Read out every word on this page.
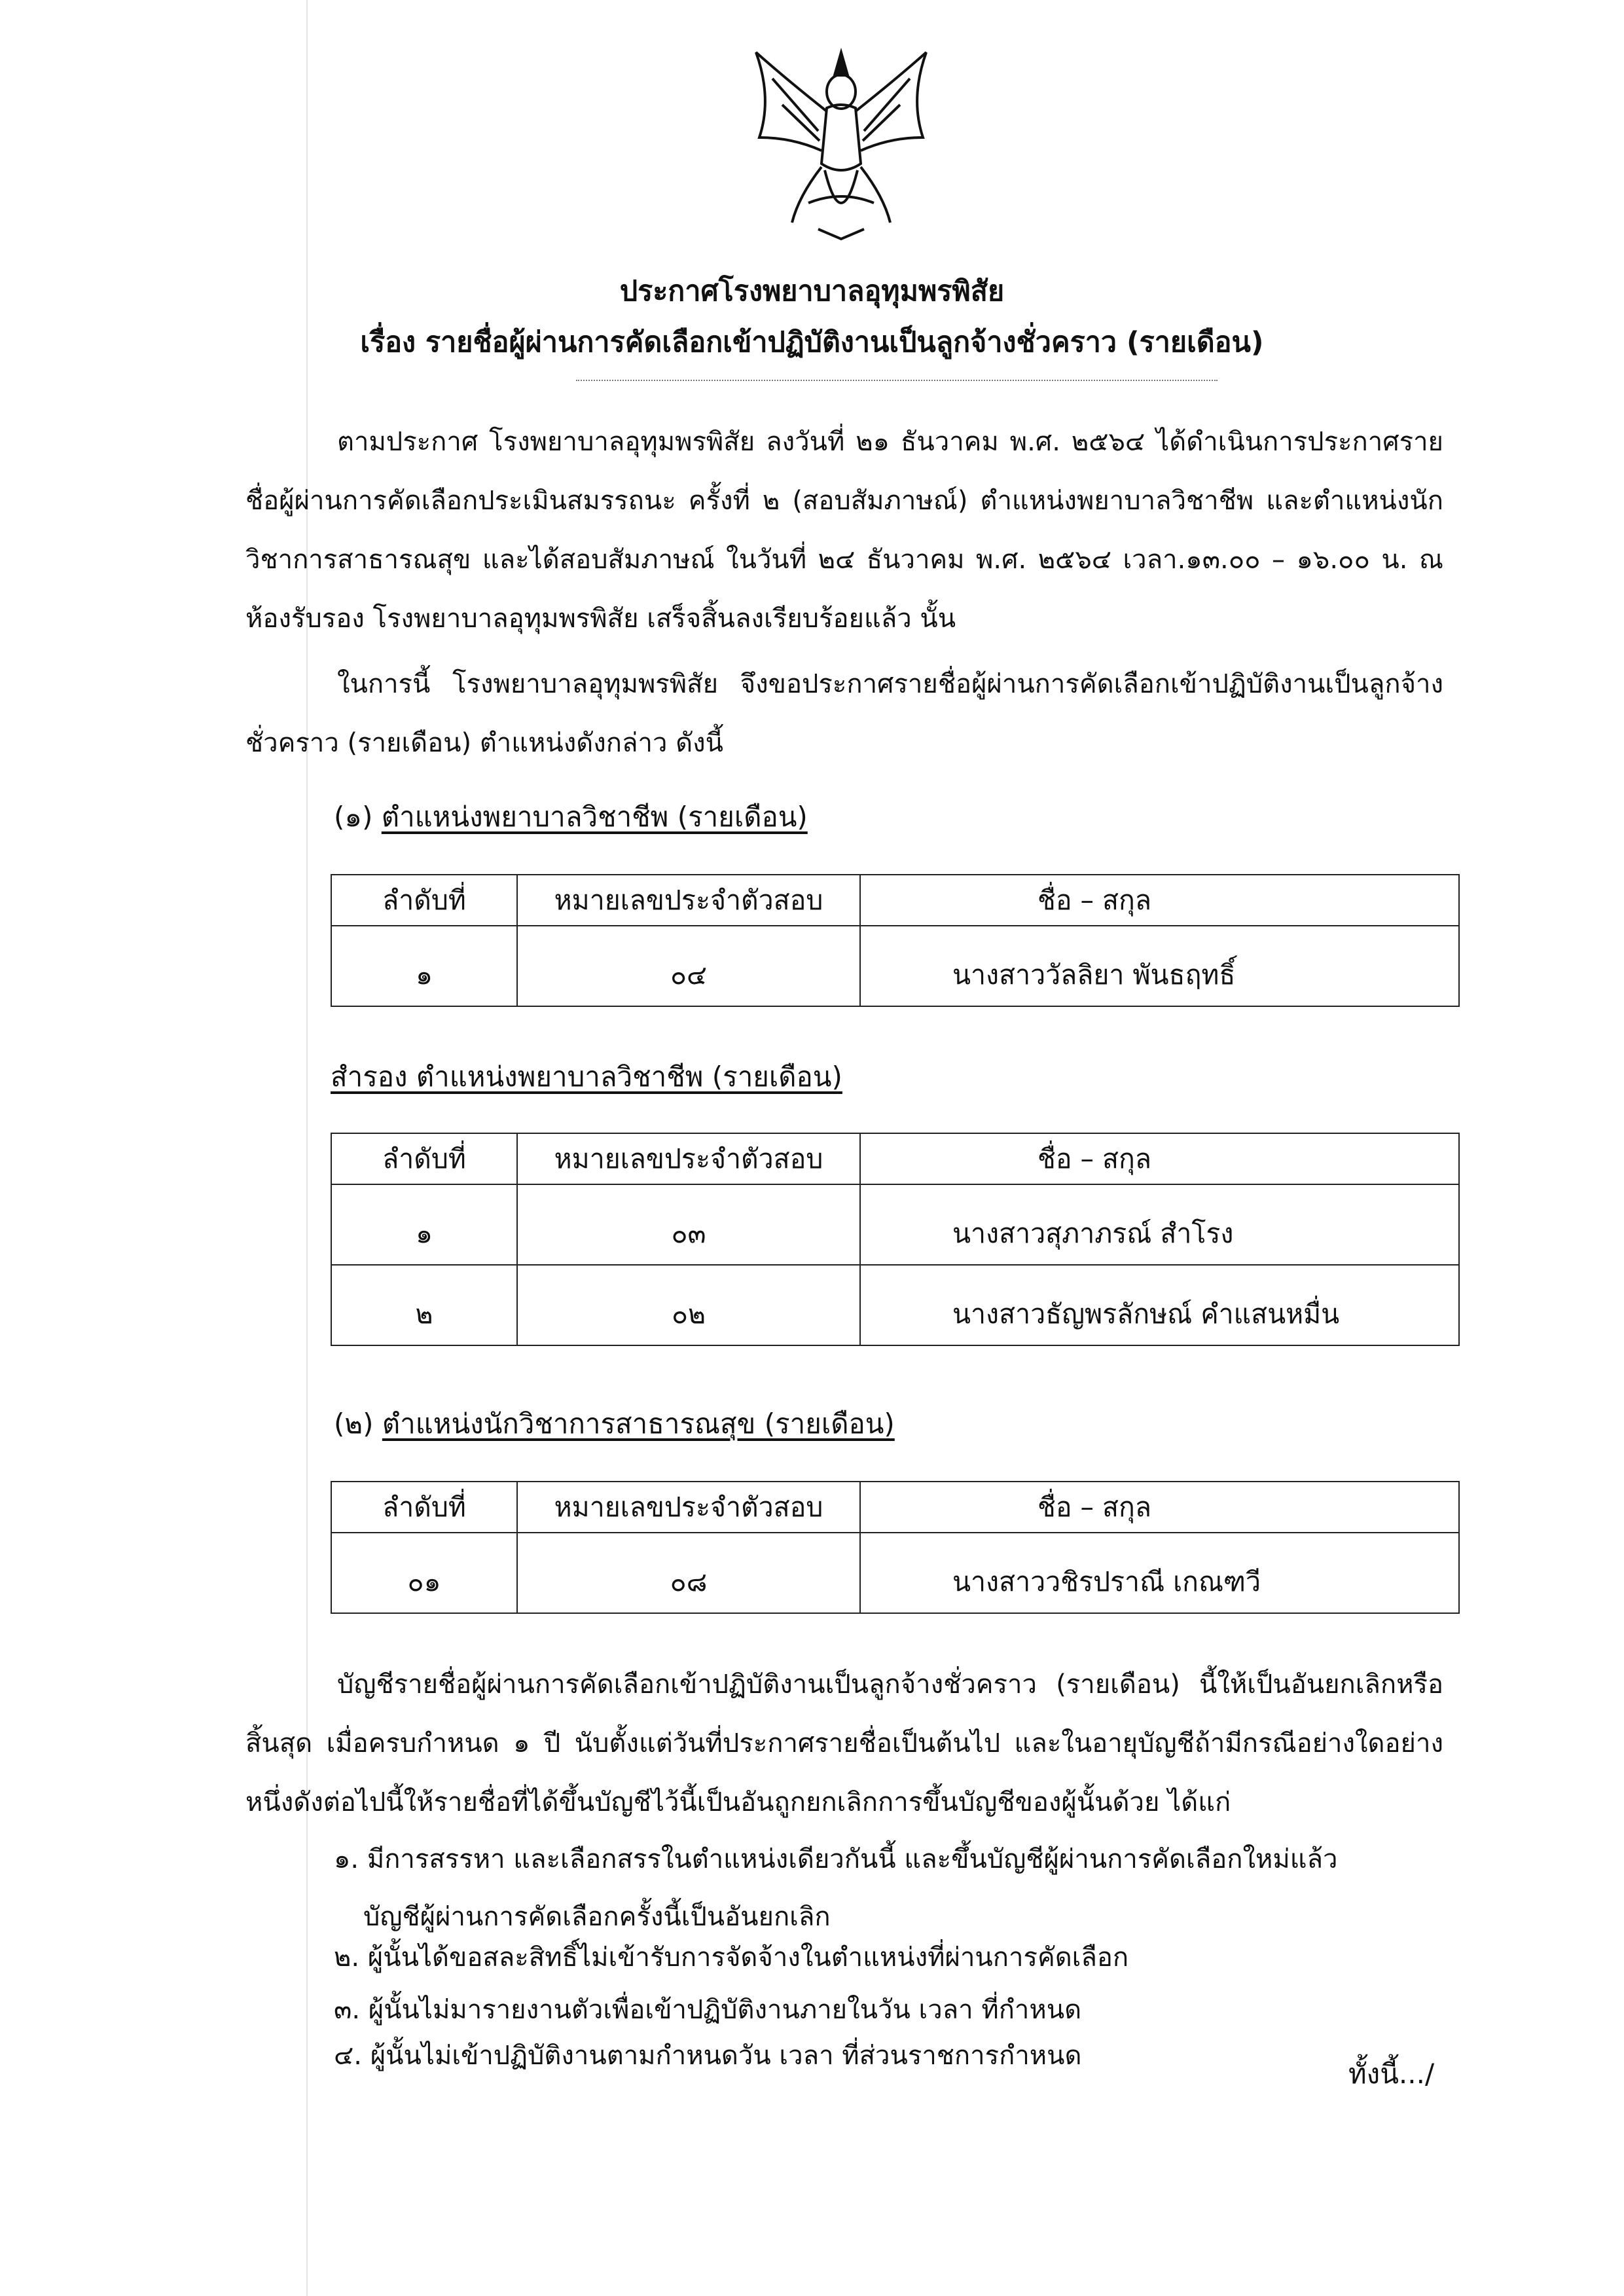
ประกาศโรงพยาบาลอุทุมพรพิสัย
เรื่อง รายชื่อผู้ผ่านการคัดเลือกเข้าปฏิบัติงานเป็นลูกจ้างชั่วคราว (รายเดือน)
ตามประกาศ โรงพยาบาลอุทุมพรพิสัย ลงวันที่ ๒๑ ธันวาคม พ.ศ. ๒๕๖๔ ได้ดำเนินการประกาศรายชื่อผู้ผ่านการคัดเลือกประเมินสมรรถนะ ครั้งที่ ๒ (สอบสัมภาษณ์) ตำแหน่งพยาบาลวิชาชีพ และตำแหน่งนักวิชาการสาธารณสุข และได้สอบสัมภาษณ์ ในวันที่ ๒๔ ธันวาคม พ.ศ. ๒๕๖๔ เวลา.๑๓.๐๐ – ๑๖.๐๐ น. ณ ห้องรับรอง โรงพยาบาลอุทุมพรพิสัย เสร็จสิ้นลงเรียบร้อยแล้ว นั้น
ในการนี้ โรงพยาบาลอุทุมพรพิสัย จึงขอประกาศรายชื่อผู้ผ่านการคัดเลือกเข้าปฏิบัติงานเป็นลูกจ้างชั่วคราว (รายเดือน) ตำแหน่งดังกล่าว ดังนี้
(๑) ตำแหน่งพยาบาลวิชาชีพ (รายเดือน)
ลำดับที่	หมายเลขประจำตัวสอบ	ชื่อ – สกุล
๑	๐๔	นางสาววัลลิยา พันธฤทธิ์
สำรอง ตำแหน่งพยาบาลวิชาชีพ (รายเดือน)
ลำดับที่	หมายเลขประจำตัวสอบ	ชื่อ – สกุล
๑	๐๓	นางสาวสุภาภรณ์ สำโรง
๒	๐๒	นางสาวธัญพรลักษณ์ คำแสนหมื่น
(๒) ตำแหน่งนักวิชาการสาธารณสุข (รายเดือน)
ลำดับที่	หมายเลขประจำตัวสอบ	ชื่อ – สกุล
๐๑	๐๘	นางสาววชิรปราณี เกณฑวี
บัญชีรายชื่อผู้ผ่านการคัดเลือกเข้าปฏิบัติงานเป็นลูกจ้างชั่วคราว (รายเดือน) นี้ให้เป็นอันยกเลิกหรือสิ้นสุด เมื่อครบกำหนด ๑ ปี นับตั้งแต่วันที่ประกาศรายชื่อเป็นต้นไป และในอายุบัญชีถ้ามีกรณีอย่างใดอย่างหนึ่งดังต่อไปนี้ให้รายชื่อที่ได้ขึ้นบัญชีไว้นี้เป็นอันถูกยกเลิกการขึ้นบัญชีของผู้นั้นด้วย ได้แก่
๑. มีการสรรหา และเลือกสรรในตำแหน่งเดียวกันนี้ และขึ้นบัญชีผู้ผ่านการคัดเลือกใหม่แล้ว
บัญชีผู้ผ่านการคัดเลือกครั้งนี้เป็นอันยกเลิก
๒. ผู้นั้นได้ขอสละสิทธิ์ไม่เข้ารับการจัดจ้างในตำแหน่งที่ผ่านการคัดเลือก
๓. ผู้นั้นไม่มารายงานตัวเพื่อเข้าปฏิบัติงานภายในวัน เวลา ที่กำหนด
๔. ผู้นั้นไม่เข้าปฏิบัติงานตามกำหนดวัน เวลา ที่ส่วนราชการกำหนด
ทั้งนี้.../
